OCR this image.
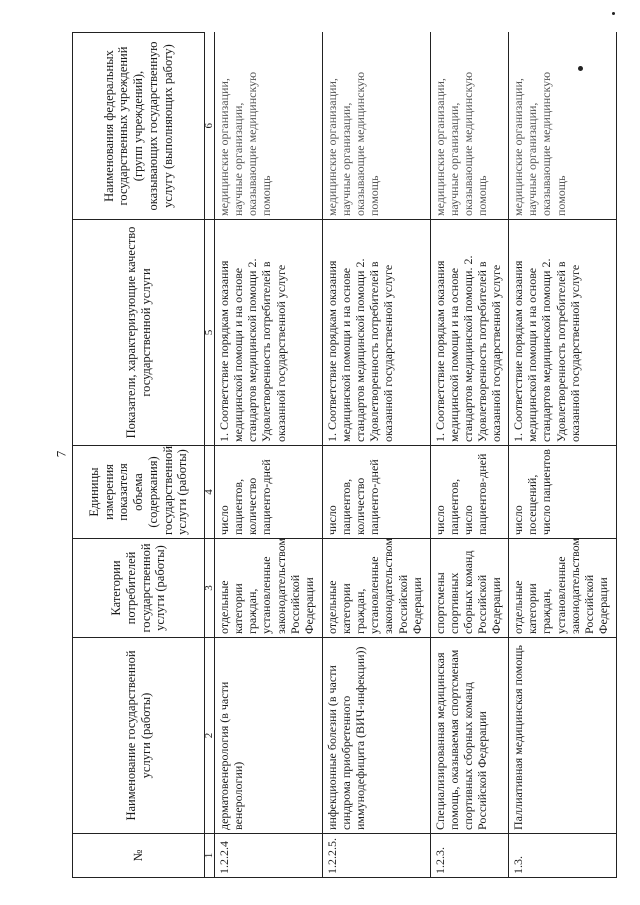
7
№	Наименование государственной услуги (работы)	Категории потребителей государственной услуги (работы)	Единицы измерения показателя объема (содержания) государственной услуги (работы)	Показатели, характеризующие качество государственной услуги	Наименования федеральных государственных учреждений (групп учреждений), оказывающих государственную услугу (выполняющих работу)
1	2	3	4	5	6
1.2.2.4	дерматовенерология (в части венерологии)	отдельные категории граждан, установленные законодательством Российской Федерации	число пациентов, количество пациенто-дней	1. Соответствие порядкам оказания медицинской помощи и на основе стандартов медицинской помощи 2. Удовлетворенность потребителей в оказанной государственной услуге	медицинские организации, научные организации, оказывающие медицинскую помощь
1.2.2.5.	инфекционные болезни (в части синдрома приобретенного иммунодефицита (ВИЧ-инфекции))	отдельные категории граждан, установленные законодательством Российской Федерации	число пациентов, количество пациенто-дней	1. Соответствие порядкам оказания медицинской помощи и на основе стандартов медицинской помощи 2. Удовлетворенность потребителей в оказанной государственной услуге	медицинские организации, научные организации, оказывающие медицинскую помощь
1.2.3.	Специализированная медицинская помощь, оказываемая спортсменам спортивных сборных команд Российской Федерации	спортсмены спортивных сборных команд Российской Федерации	число пациентов, число пациентов-дней	1. Соответствие порядкам оказания медицинской помощи и на основе стандартов медицинской помощи. 2. Удовлетворенность потребителей в оказанной государственной услуге	медицинские организации, научные организации, оказывающие медицинскую помощь
1.3.	Паллиативная медицинская помощь	отдельные категории граждан, установленные законодательством Российской Федерации	число посещений, число пациентов	1. Соответствие порядкам оказания медицинской помощи и на основе стандартов медицинской помощи 2. Удовлетворенность потребителей в оказанной государственной услуге	медицинские организации, научные организации, оказывающие медицинскую помощь
